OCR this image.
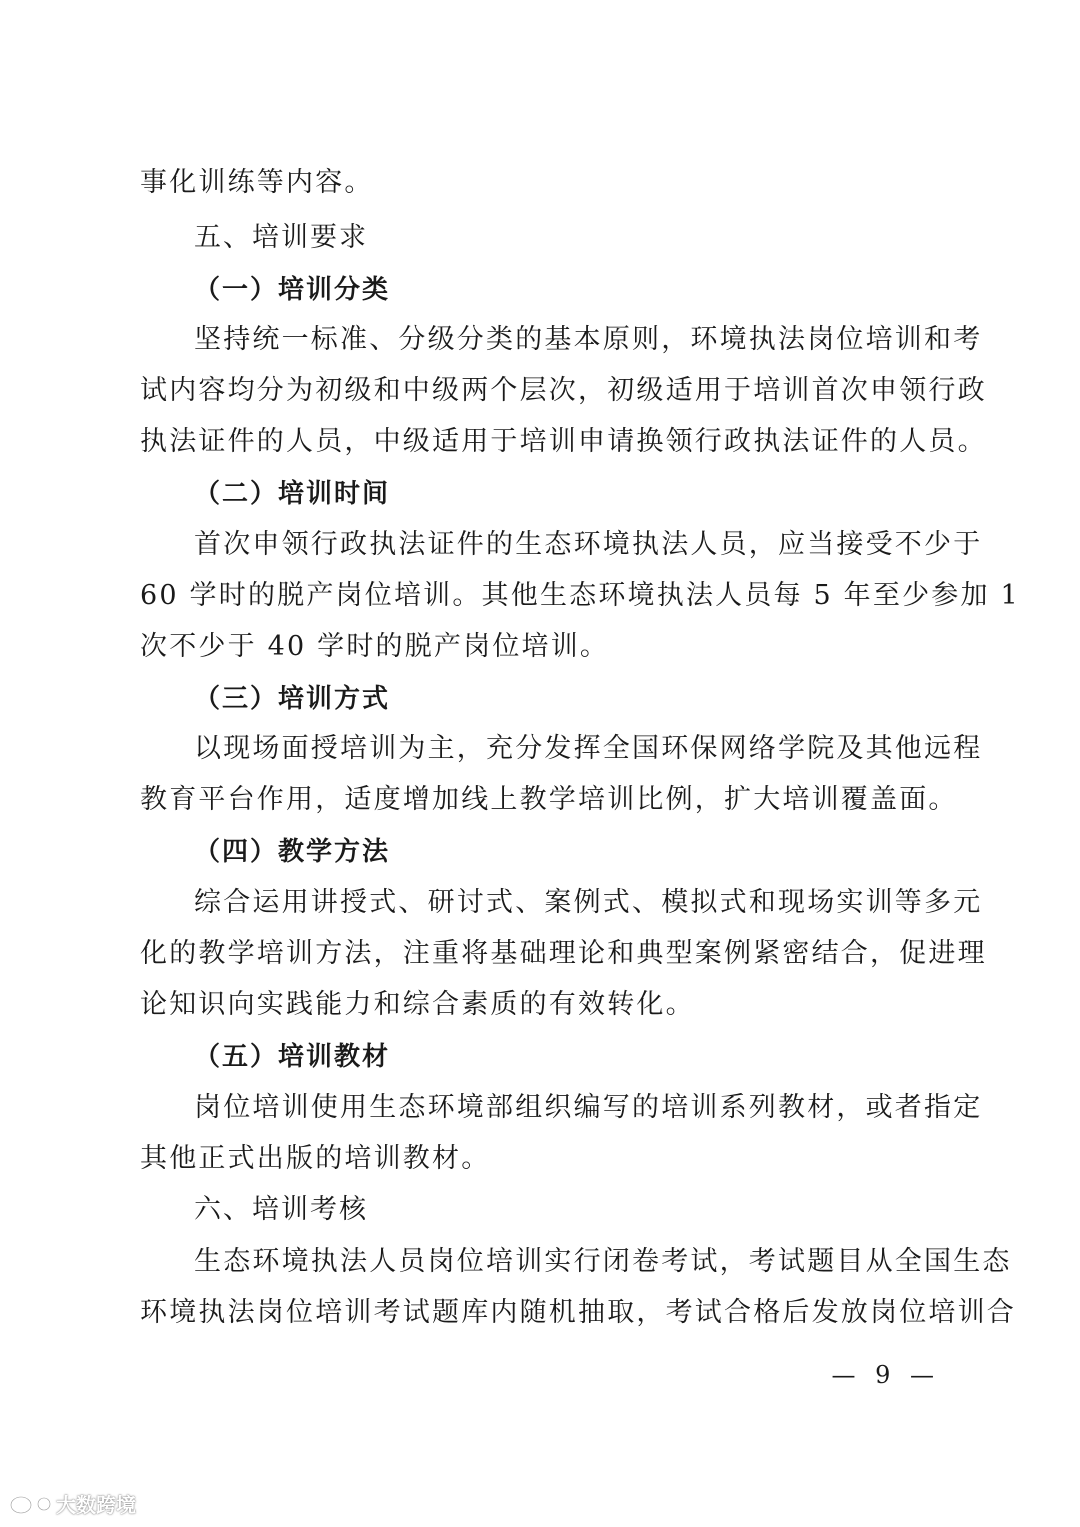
事化训练等内容。
五、培训要求
（一）培训分类
坚持统一标准、分级分类的基本原则，环境执法岗位培训和考
试内容均分为初级和中级两个层次，初级适用于培训首次申领行政
执法证件的人员，中级适用于培训申请换领行政执法证件的人员。
（二）培训时间
首次申领行政执法证件的生态环境执法人员，应当接受不少于
60 学时的脱产岗位培训。其他生态环境执法人员每 5 年至少参加 1
次不少于 40 学时的脱产岗位培训。
（三）培训方式
以现场面授培训为主，充分发挥全国环保网络学院及其他远程
教育平台作用，适度增加线上教学培训比例，扩大培训覆盖面。
（四）教学方法
综合运用讲授式、研讨式、案例式、模拟式和现场实训等多元
化的教学培训方法，注重将基础理论和典型案例紧密结合，促进理
论知识向实践能力和综合素质的有效转化。
（五）培训教材
岗位培训使用生态环境部组织编写的培训系列教材，或者指定
其他正式出版的培训教材。
六、培训考核
生态环境执法人员岗位培训实行闭卷考试，考试题目从全国生态
环境执法岗位培训考试题库内随机抽取，考试合格后发放岗位培训合
— 9 —
大数跨境
